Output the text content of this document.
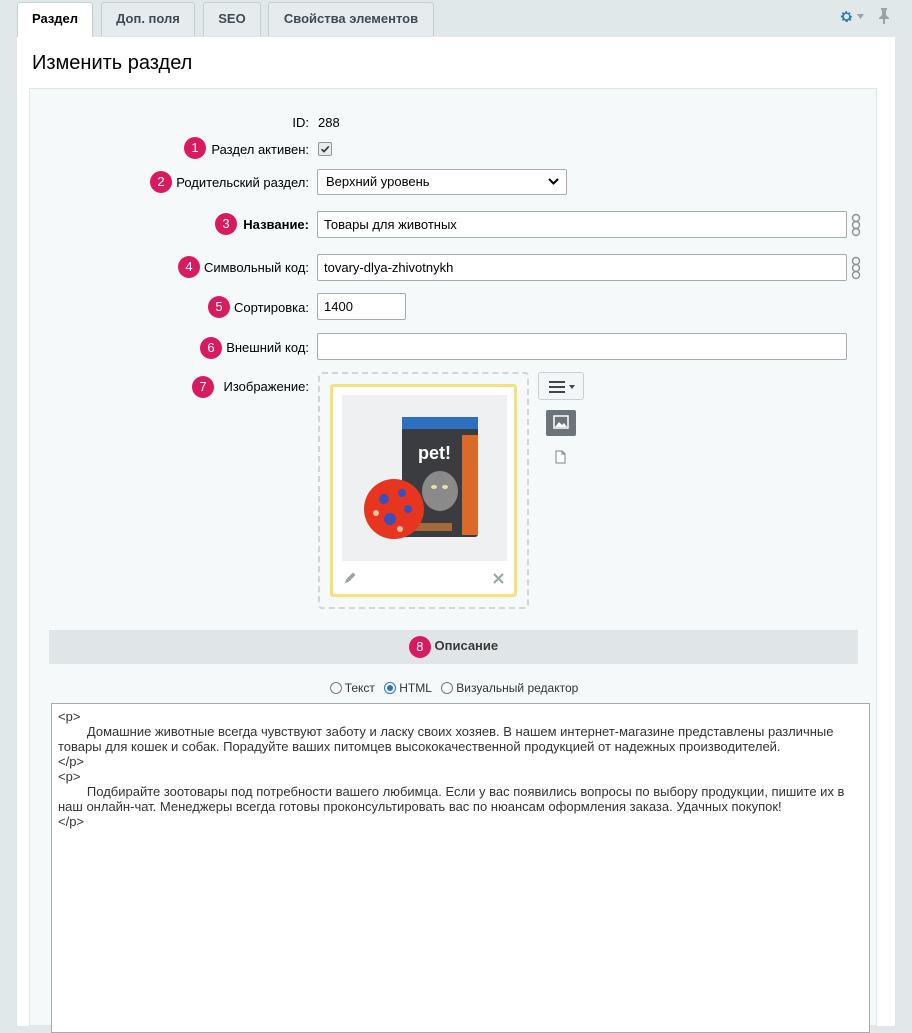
Раздел	Доп. поля	SEO	Свойства элементов
Изменить раздел
ID: 288
1 Раздел активен:
2 Родительский раздел:	Верхний уровень
3	Название:
Товары для животных
4 Символьный код:
tovary-dlya-zhivotnykh
5 Сортировка:
1400
6 Внешний код:
7	Изображение:
pet!
8 Описание
Текст
HTML
Визуальный редактор
<p>
	Домашние животные всегда чувствуют заботу и ласку своих хозяев. В нашем интернет-магазине представлены различные товары для кошек и собак. Порадуйте ваших питомцев высококачественной продукцией от надежных производителей.
</p>
<p>
	Подбирайте зоотовары под потребности вашего любимца. Если у вас появились вопросы по выбору продукции, пишите их в наш онлайн-чат. Менеджеры всегда готовы проконсультировать вас по нюансам оформления заказа. Удачных покупок!
</p>
